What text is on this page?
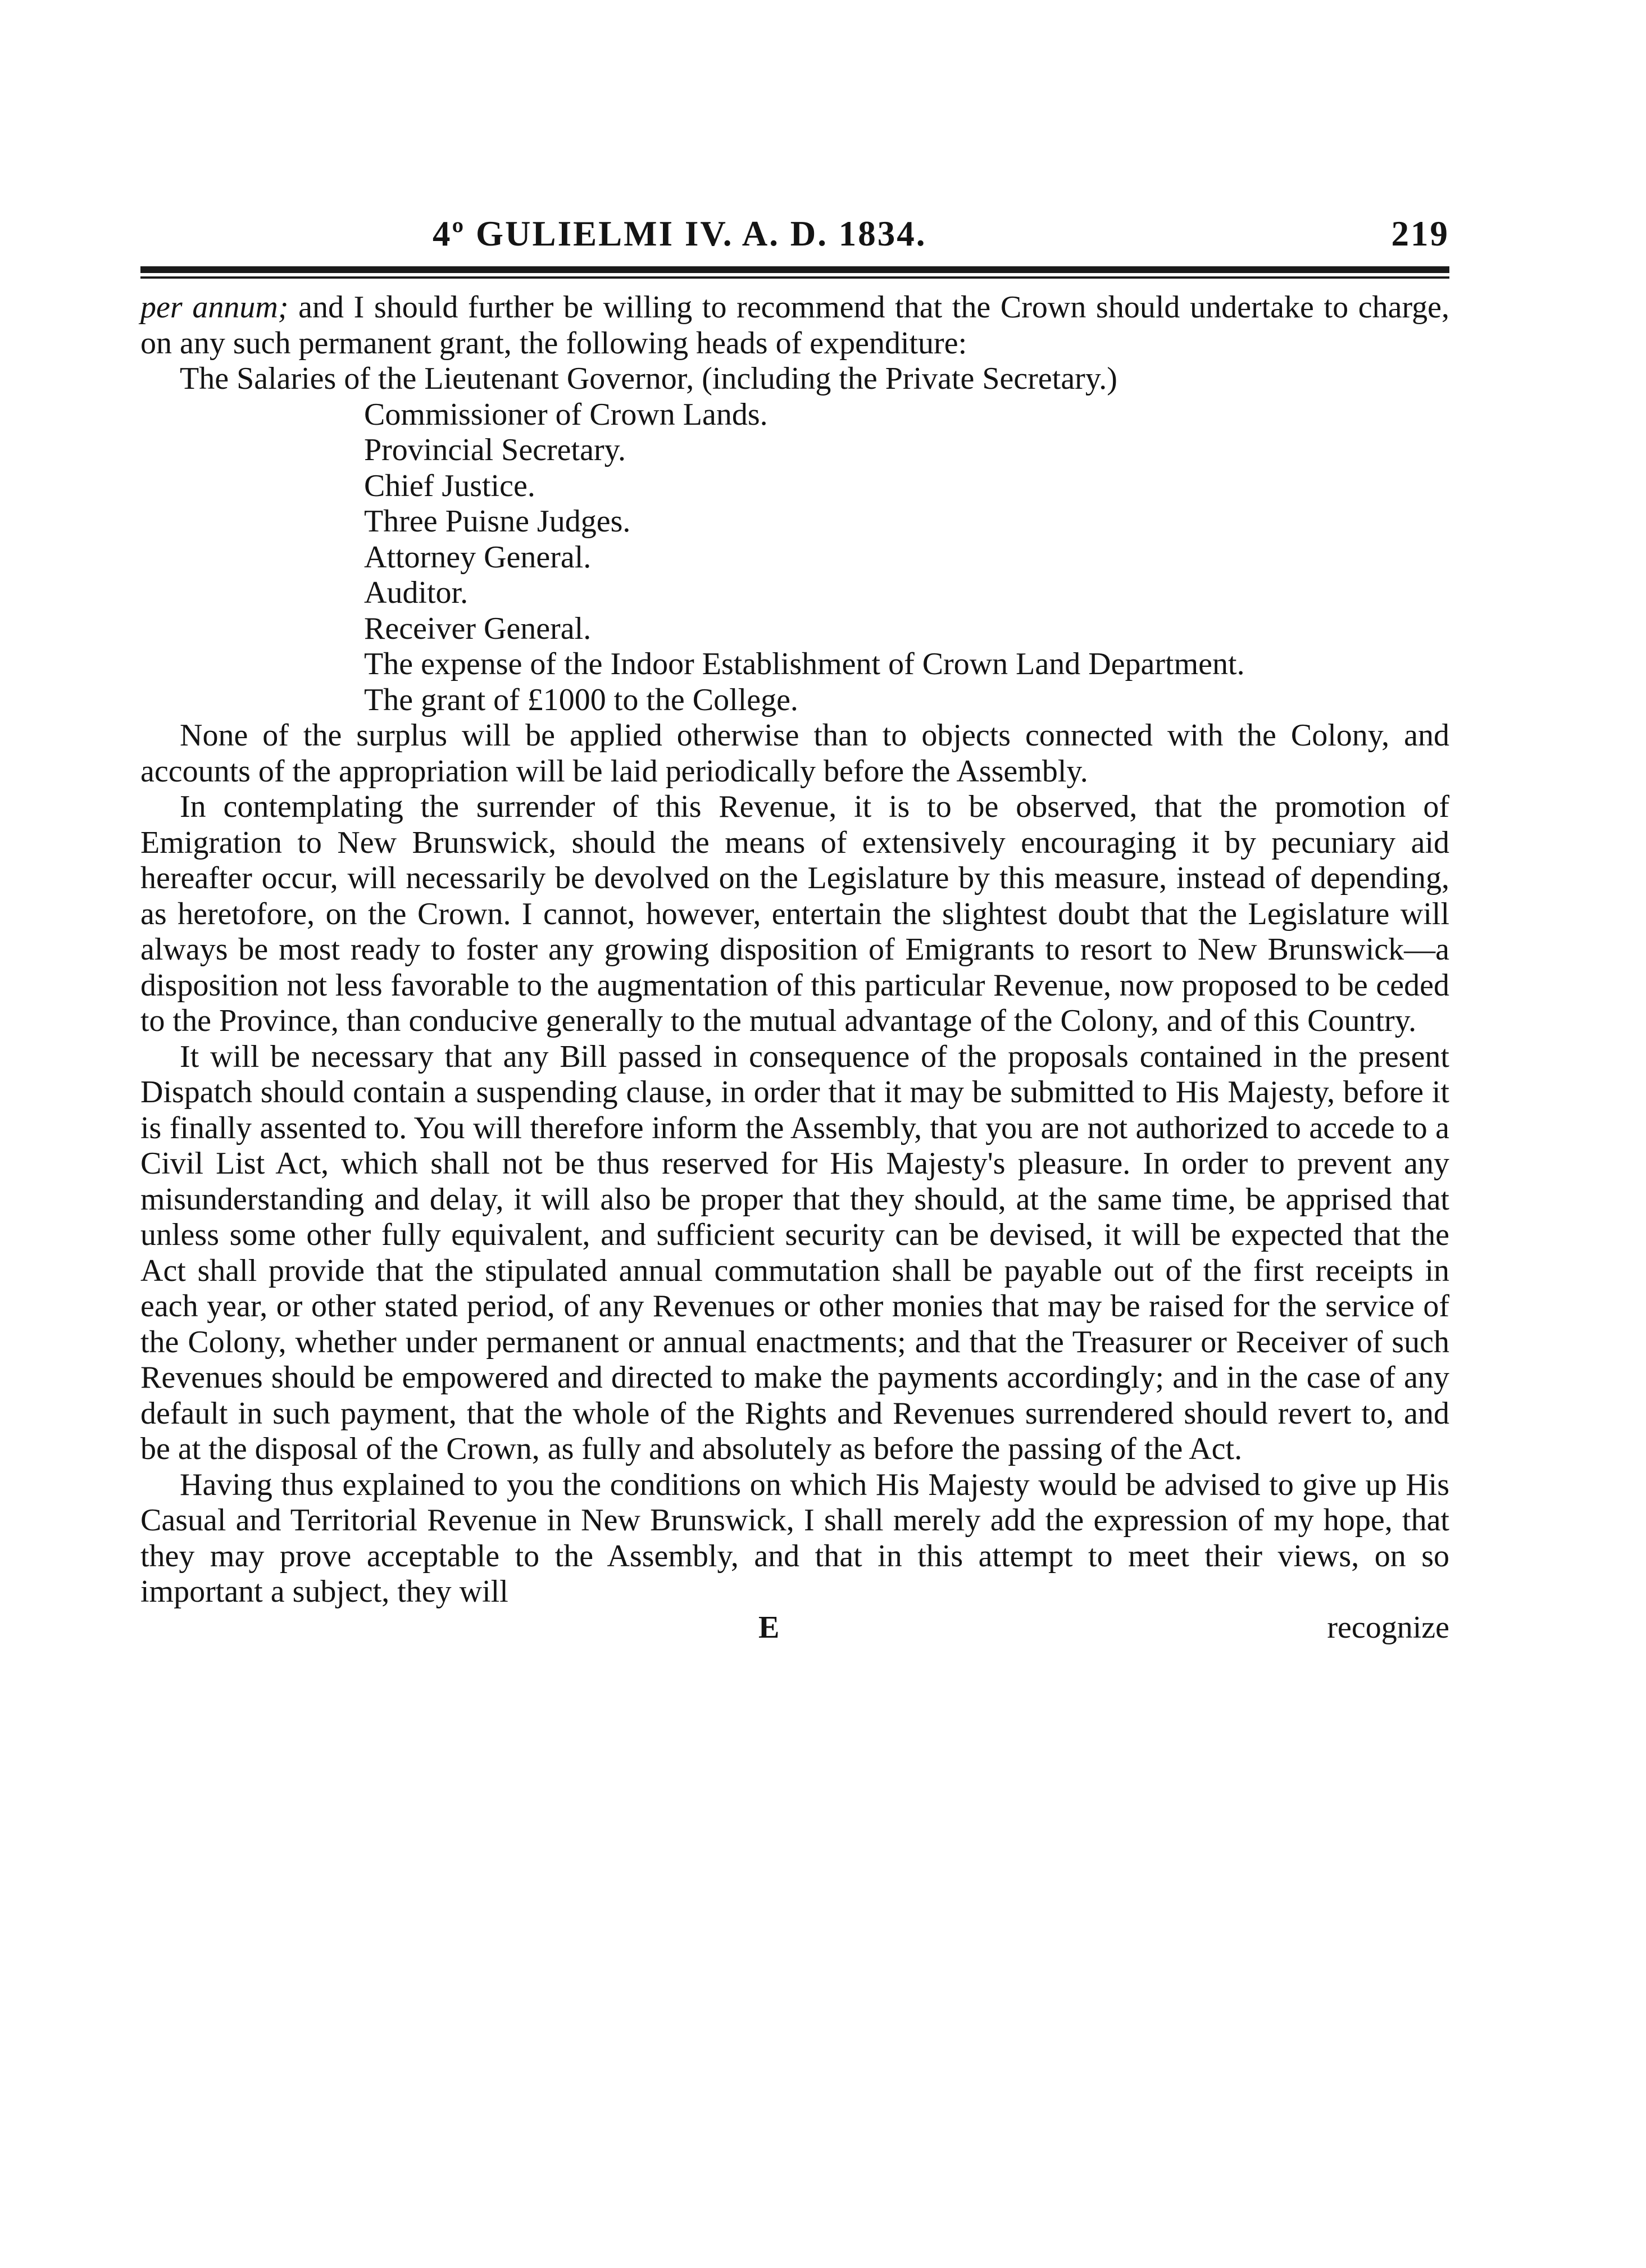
4º GULIELMI IV. A. D. 1834.	219

per annum; and I should further be willing to recommend that the Crown should undertake to charge, on any such permanent grant, the following heads of expenditure:

The Salaries of the Lieutenant Governor, (including the Private Secretary.)

Commissioner of Crown Lands.
Provincial Secretary.
Chief Justice.
Three Puisne Judges.
Attorney General.
Auditor.
Receiver General.
The expense of the Indoor Establishment of Crown Land Department.
The grant of £1000 to the College.

None of the surplus will be applied otherwise than to objects connected with the Colony, and accounts of the appropriation will be laid periodically before the Assembly.

In contemplating the surrender of this Revenue, it is to be observed, that the promotion of Emigration to New Brunswick, should the means of extensively encouraging it by pecuniary aid hereafter occur, will necessarily be devolved on the Legislature by this measure, instead of depending, as heretofore, on the Crown. I cannot, however, entertain the slightest doubt that the Legislature will always be most ready to foster any growing disposition of Emigrants to resort to New Brunswick—a disposition not less favorable to the augmentation of this particular Revenue, now proposed to be ceded to the Province, than conducive generally to the mutual advantage of the Colony, and of this Country.

It will be necessary that any Bill passed in consequence of the proposals contained in the present Dispatch should contain a suspending clause, in order that it may be submitted to His Majesty, before it is finally assented to. You will therefore inform the Assembly, that you are not authorized to accede to a Civil List Act, which shall not be thus reserved for His Majesty's pleasure. In order to prevent any misunderstanding and delay, it will also be proper that they should, at the same time, be apprised that unless some other fully equivalent, and sufficient security can be devised, it will be expected that the Act shall provide that the stipulated annual commutation shall be payable out of the first receipts in each year, or other stated period, of any Revenues or other monies that may be raised for the service of the Colony, whether under permanent or annual enactments; and that the Treasurer or Receiver of such Revenues should be empowered and directed to make the payments accordingly; and in the case of any default in such payment, that the whole of the Rights and Revenues surrendered should revert to, and be at the disposal of the Crown, as fully and absolutely as before the passing of the Act.

Having thus explained to you the conditions on which His Majesty would be advised to give up His Casual and Territorial Revenue in New Brunswick, I shall merely add the expression of my hope, that they may prove acceptable to the Assembly, and that in this attempt to meet their views, on so important a subject, they will

E	recognize
